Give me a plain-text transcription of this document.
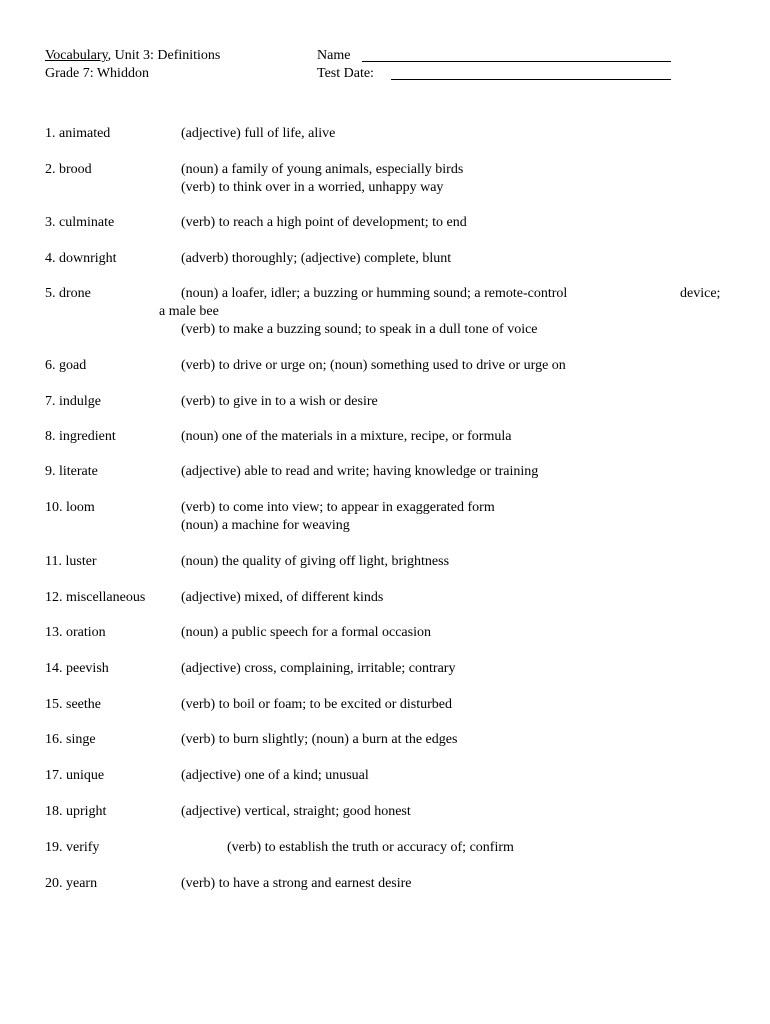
Vocabulary, Unit 3: Definitions
Grade 7: Whiddon
Name
Test Date:
1. animated	(adjective) full of life, alive
2. brood	(noun) a family of young animals, especially birds
(verb) to think over in a worried, unhappy way
3. culminate	(verb) to reach a high point of development; to end
4. downright	(adverb) thoroughly; (adjective) complete, blunt
5. drone	(noun) a loafer, idler; a buzzing or humming sound; a remote-control	device;
a male bee
(verb) to make a buzzing sound; to speak in a dull tone of voice
6. goad	(verb) to drive or urge on; (noun) something used to drive or urge on
7. indulge	(verb) to give in to a wish or desire
8. ingredient	(noun) one of the materials in a mixture, recipe, or formula
9. literate	(adjective) able to read and write; having knowledge or training
10. loom	(verb) to come into view; to appear in exaggerated form
(noun) a machine for weaving
11. luster	(noun) the quality of giving off light, brightness
12. miscellaneous	(adjective) mixed, of different kinds
13. oration	(noun) a public speech for a formal occasion
14. peevish	(adjective) cross, complaining, irritable; contrary
15. seethe	(verb) to boil or foam; to be excited or disturbed
16. singe	(verb) to burn slightly; (noun) a burn at the edges
17. unique	(adjective) one of a kind; unusual
18. upright	(adjective) vertical, straight; good honest
19. verify	(verb) to establish the truth or accuracy of; confirm
20. yearn	(verb) to have a strong and earnest desire
